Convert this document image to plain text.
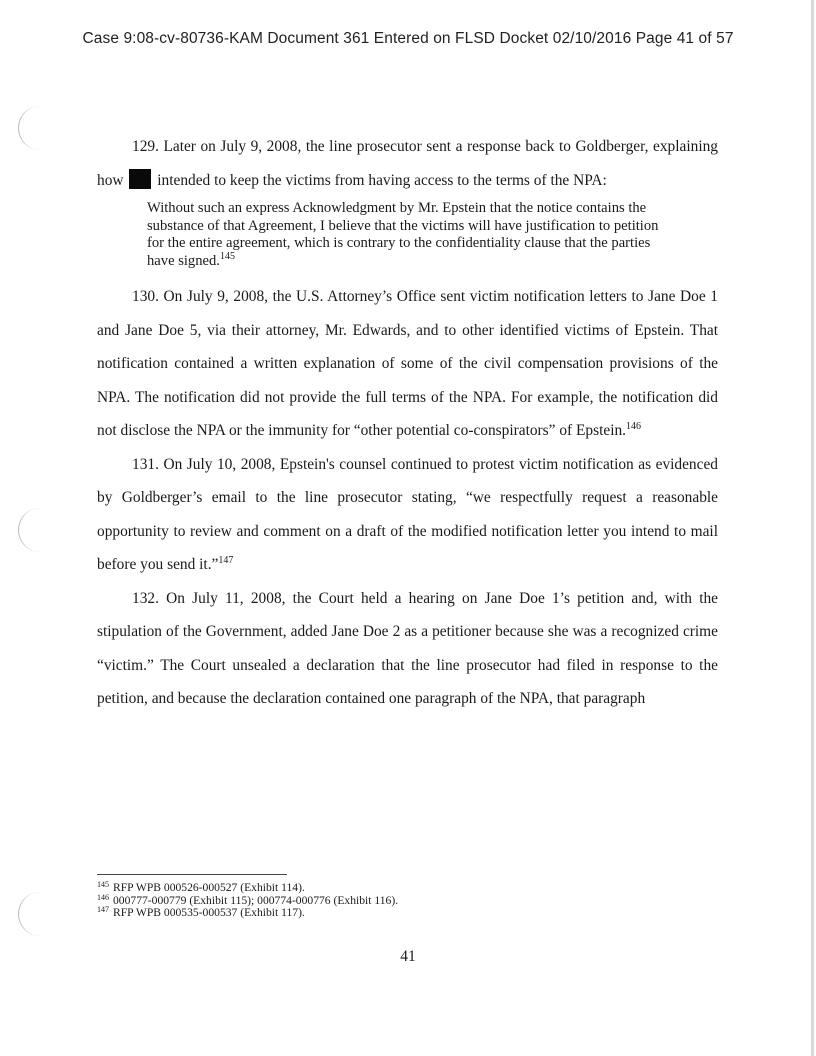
Case 9:08-cv-80736-KAM Document 361 Entered on FLSD Docket 02/10/2016 Page 41 of 57

129. Later on July 9, 2008, the line prosecutor sent a response back to Goldberger, explaining how intended to keep the victims from having access to the terms of the NPA:

Without such an express Acknowledgment by Mr. Epstein that the notice contains the substance of that Agreement, I believe that the victims will have justification to petition for the entire agreement, which is contrary to the confidentiality clause that the parties have signed.$^{145}$

130. On July 9, 2008, the U.S. Attorney’s Office sent victim notification letters to Jane Doe 1 and Jane Doe 5, via their attorney, Mr. Edwards, and to other identified victims of Epstein. That notification contained a written explanation of some of the civil compensation provisions of the NPA. The notification did not provide the full terms of the NPA. For example, the notification did not disclose the NPA or the immunity for “other potential co-conspirators” of Epstein.$^{146}$

131. On July 10, 2008, Epstein's counsel continued to protest victim notification as evidenced by Goldberger’s email to the line prosecutor stating, “we respectfully request a reasonable opportunity to review and comment on a draft of the modified notification letter you intend to mail before you send it.”$^{147}$

132. On July 11, 2008, the Court held a hearing on Jane Doe 1’s petition and, with the stipulation of the Government, added Jane Doe 2 as a petitioner because she was a recognized crime “victim.” The Court unsealed a declaration that the line prosecutor had filed in response to the petition, and because the declaration contained one paragraph of the NPA, that paragraph

$^{145}$ RFP WPB 000526-000527 (Exhibit 114).

$^{146}$ 000777-000779 (Exhibit 115); 000774-000776 (Exhibit 116).

$^{147}$ RFP WPB 000535-000537 (Exhibit 117).

41
